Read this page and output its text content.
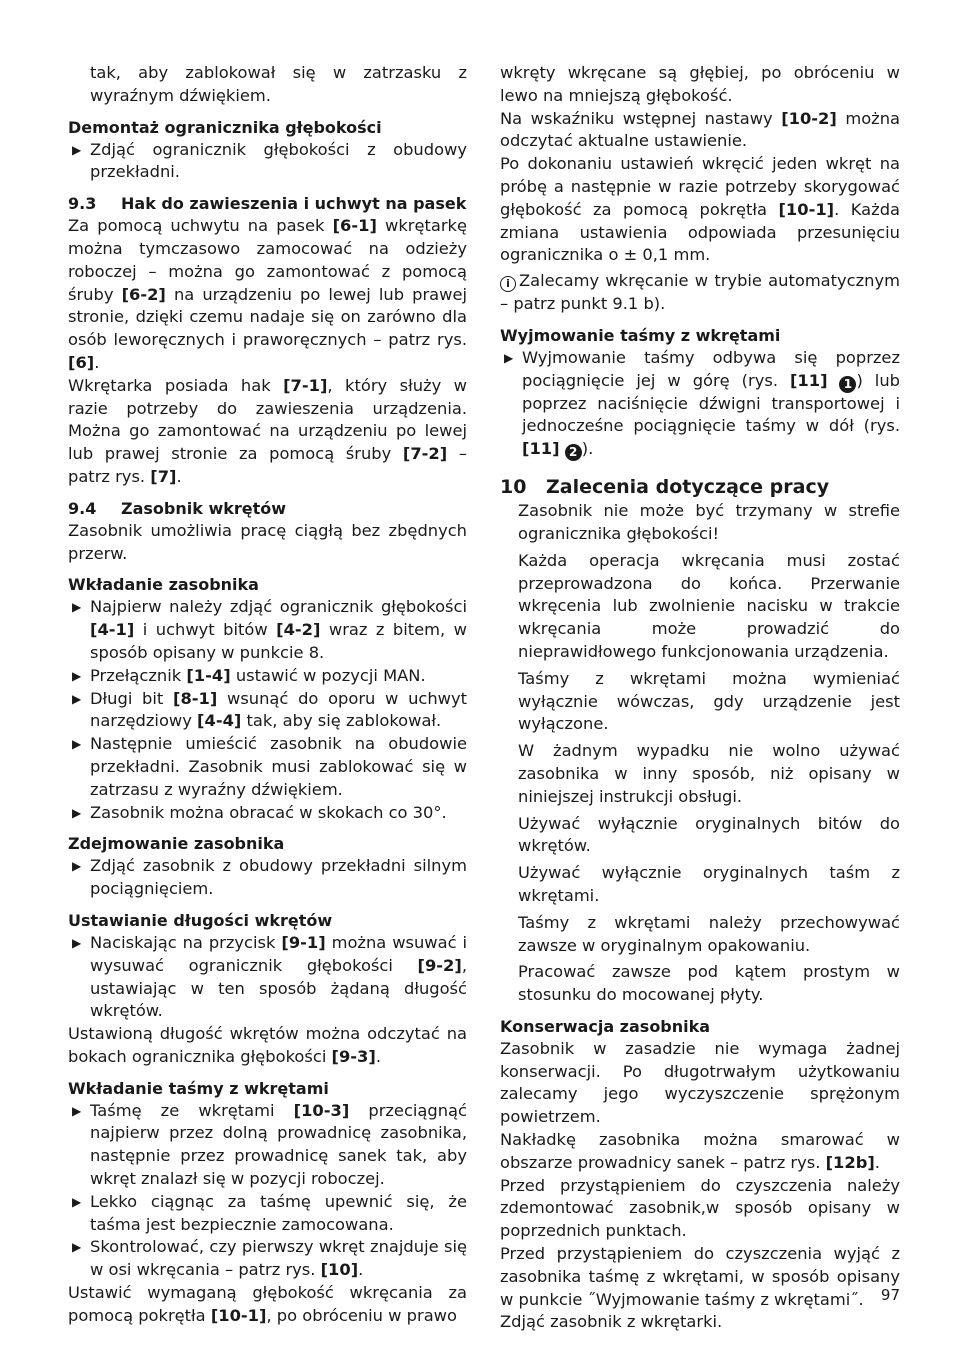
tak, aby zablokował się w zatrzasku z wyraźnym dźwiękiem.

Demontaż ogranicznika głębokości
▶ Zdjąć ogranicznik głębokości z obudowy przekładni.
9.3	Hak do zawieszenia i uchwyt na pasek

Za pomocą uchwytu na pasek [6-1] wkrętarkę można tymczasowo zamocować na odzieży roboczej – można go zamontować z pomocą śruby [6-2] na urządzeniu po lewej lub prawej stronie, dzięki czemu nadaje się on zarówno dla osób leworęcznych i praworęcznych – patrz rys. [6].

Wkrętarka posiada hak [7-1], który służy w razie potrzeby do zawieszenia urządzenia. Można go zamontować na urządzeniu po lewej lub prawej stronie za pomocą śruby [7-2] – patrz rys. [7].

9.4	Zasobnik wkrętów

Zasobnik umożliwia pracę ciągłą bez zbędnych przerw.

Wkładanie zasobnika
▶ Najpierw należy zdjąć ogranicznik głębokości [4-1] i uchwyt bitów [4-2] wraz z bitem, w sposób opisany w punkcie 8.
▶ Przełącznik [1-4] ustawić w pozycji MAN.
▶ Długi bit [8-1] wsunąć do oporu w uchwyt narzędziowy [4-4] tak, aby się zablokował.
▶ Następnie umieścić zasobnik na obudowie przekładni. Zasobnik musi zablokować się w zatrzasu z wyraźny dźwiękiem.
▶ Zasobnik można obracać w skokach co 30°.
Zdejmowanie zasobnika
▶ Zdjąć zasobnik z obudowy przekładni silnym pociągnięciem.
Ustawianie długości wkrętów
▶ Naciskając na przycisk [9-1] można wsuwać i wysuwać ogranicznik głębokości [9-2], ustawiając w ten sposób żądaną długość wkrętów.

Ustawioną długość wkrętów można odczytać na bokach ogranicznika głębokości [9-3].

Wkładanie taśmy z wkrętami
▶ Taśmę ze wkrętami [10-3] przeciągnąć najpierw przez dolną prowadnicę zasobnika, następnie przez prowadnicę sanek tak, aby wkręt znalazł się w pozycji roboczej.
▶ Lekko ciągnąc za taśmę upewnić się, że taśma jest bezpiecznie zamocowana.
▶ Skontrolować, czy pierwszy wkręt znajduje się w osi wkręcania – patrz rys. [10].

Ustawić wymaganą głębokość wkręcania za pomocą pokrętła [10-1], po obróceniu w prawo

wkręty wkręcane są głębiej, po obróceniu w lewo na mniejszą głębokość.

Na wskaźniku wstępnej nastawy [10-2] można odczytać aktualne ustawienie.

Po dokonaniu ustawień wkręcić jeden wkręt na próbę a następnie w razie potrzeby skorygować głębokość za pomocą pokrętła [10-1]. Każda zmiana ustawienia odpowiada przesunięciu ogranicznika o ± 0,1 mm.

i Zalecamy wkręcanie w trybie automatycznym – patrz punkt 9.1 b).

Wyjmowanie taśmy z wkrętami
▶ Wyjmowanie taśmy odbywa się poprzez pociągnięcie jej w górę (rys. [11] 1 ) lub poprzez naciśnięcie dźwigni transportowej i jednocześne pociągnięcie taśmy w dół (rys. [11] 2 ).
10	Zalecenia dotyczące pracy

Zasobnik nie może być trzymany w strefie ogranicznika głębokości!

Każda operacja wkręcania musi zostać przeprowadzona do końca. Przerwanie wkręcenia lub zwolnienie nacisku w trakcie wkręcania może prowadzić do nieprawidłowego funkcjonowania urządzenia.

Taśmy z wkrętami można wymieniać wyłącznie wówczas, gdy urządzenie jest wyłączone.

W żadnym wypadku nie wolno używać zasobnika w inny sposób, niż opisany w niniejszej instrukcji obsługi.

Używać wyłącznie oryginalnych bitów do wkrętów.

Używać wyłącznie oryginalnych taśm z wkrętami.

Taśmy z wkrętami należy przechowywać zawsze w oryginalnym opakowaniu.

Pracować zawsze pod kątem prostym w stosunku do mocowanej płyty.

Konserwacja zasobnika

Zasobnik w zasadzie nie wymaga żadnej konserwacji. Po długotrwałym użytkowaniu zalecamy jego wyczyszczenie sprężonym powietrzem.

Nakładkę zasobnika można smarować w obszarze prowadnicy sanek – patrz rys. [12b].

Przed przystąpieniem do czyszczenia należy zdemontować zasobnik,w sposób opisany w poprzednich punktach.

Przed przystąpieniem do czyszczenia wyjąć z zasobnika taśmę z wkrętami, w sposób opisany w punkcie ˝Wyjmowanie taśmy z wkrętami˝.

Zdjąć zasobnik z wkrętarki.

97
